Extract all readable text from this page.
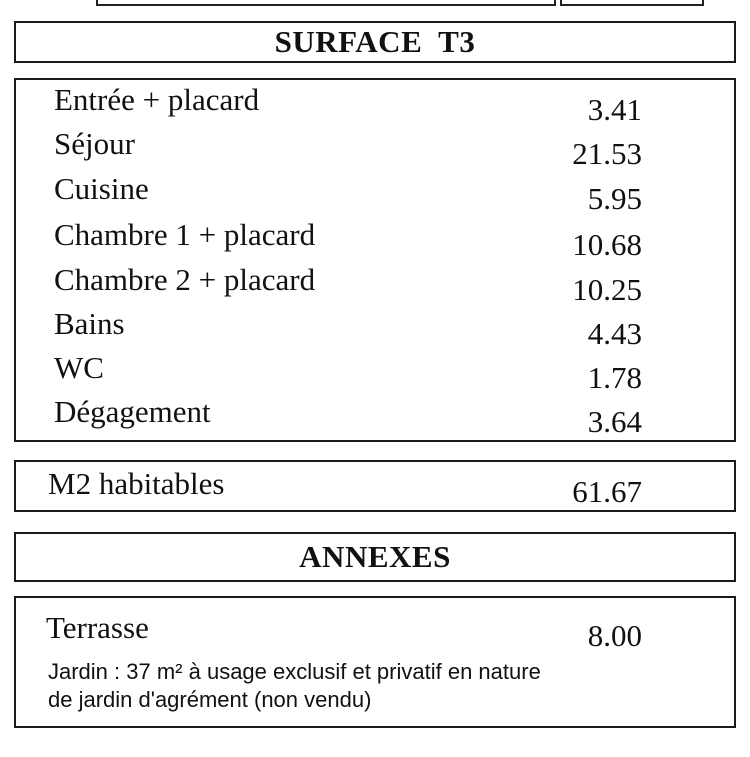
SURFACE  T3
Entrée + placard	3.41
Séjour	21.53
Cuisine	5.95
Chambre 1 + placard	10.68
Chambre 2 + placard	10.25
Bains	4.43
WC	1.78
Dégagement	3.64
M2 habitables	61.67
ANNEXES
Terrasse	8.00
Jardin : 37 m² à usage exclusif et privatif en nature
de jardin d'agrément (non vendu)
